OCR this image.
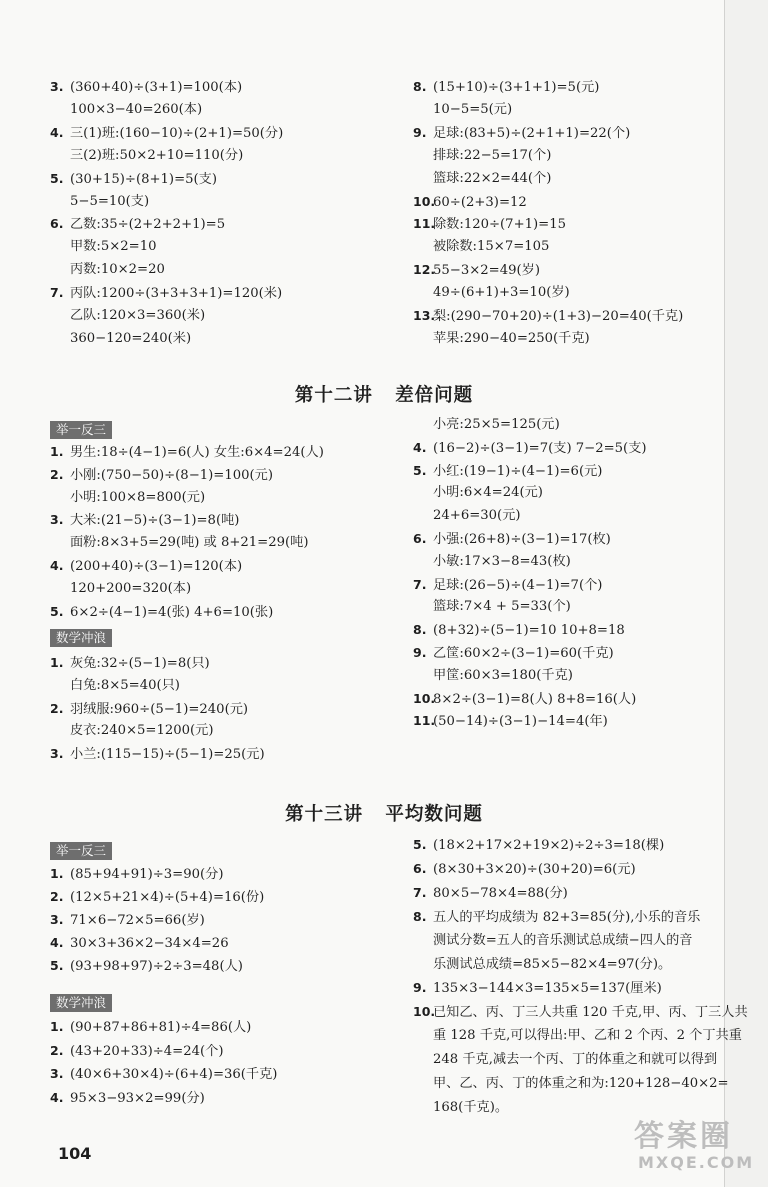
3. (360+40)÷(3+1)=100(本)
100×3−40=260(本)
4. 三(1)班:(160−10)÷(2+1)=50(分)
三(2)班:50×2+10=110(分)
5. (30+15)÷(8+1)=5(支)
5−5=10(支)
6. 乙数:35÷(2+2+2+1)=5
甲数:5×2=10
丙数:10×2=20
7. 丙队:1200÷(3+3+3+1)=120(米)
乙队:120×3=360(米)
360−120=240(米)
8. (15+10)÷(3+1+1)=5(元)
10−5=5(元)
9. 足球:(83+5)÷(2+1+1)=22(个)
排球:22−5=17(个)
篮球:22×2=44(个)
10.60÷(2+3)=12
11.除数:120÷(7+1)=15
被除数:15×7=105
12.55−3×2=49(岁)
49÷(6+1)+3=10(岁)
13.梨:(290−70+20)÷(1+3)−20=40(千克)
苹果:290−40=250(千克)
第十二讲   差倍问题
举一反三
1. 男生:18÷(4−1)=6(人) 女生:6×4=24(人)
2. 小刚:(750−50)÷(8−1)=100(元)
小明:100×8=800(元)
3. 大米:(21−5)÷(3−1)=8(吨)
面粉:8×3+5=29(吨) 或 8+21=29(吨)
4. (200+40)÷(3−1)=120(本)
120+200=320(本)
5. 6×2÷(4−1)=4(张) 4+6=10(张)
数学冲浪
1. 灰兔:32÷(5−1)=8(只)
白兔:8×5=40(只)
2. 羽绒服:960÷(5−1)=240(元)
皮衣:240×5=1200(元)
3. 小兰:(115−15)÷(5−1)=25(元)
小亮:25×5=125(元)
4. (16−2)÷(3−1)=7(支) 7−2=5(支)
5. 小红:(19−1)÷(4−1)=6(元)
小明:6×4=24(元)
24+6=30(元)
6. 小强:(26+8)÷(3−1)=17(枚)
小敏:17×3−8=43(枚)
7. 足球:(26−5)÷(4−1)=7(个)
篮球:7×4 + 5=33(个)
8. (8+32)÷(5−1)=10 10+8=18
9. 乙筐:60×2÷(3−1)=60(千克)
甲筐:60×3=180(千克)
10.8×2÷(3−1)=8(人) 8+8=16(人)
11.(50−14)÷(3−1)−14=4(年)
第十三讲   平均数问题
举一反三
1. (85+94+91)÷3=90(分)
2. (12×5+21×4)÷(5+4)=16(份)
3. 71×6−72×5=66(岁)
4. 30×3+36×2−34×4=26
5. (93+98+97)÷2÷3=48(人)
数学冲浪
1. (90+87+86+81)÷4=86(人)
2. (43+20+33)÷4=24(个)
3. (40×6+30×4)÷(6+4)=36(千克)
4. 95×3−93×2=99(分)
5. (18×2+17×2+19×2)÷2÷3=18(棵)
6. (8×30+3×20)÷(30+20)=6(元)
7. 80×5−78×4=88(分)
8. 五人的平均成绩为 82+3=85(分),小乐的音乐
测试分数=五人的音乐测试总成绩−四人的音
乐测试总成绩=85×5−82×4=97(分)。
9. 135×3−144×3=135×5=137(厘米)
10.已知乙、丙、丁三人共重 120 千克,甲、丙、丁三人共
重 128 千克,可以得出:甲、乙和 2 个丙、2 个丁共重
248 千克,减去一个丙、丁的体重之和就可以得到
甲、乙、丙、丁的体重之和为:120+128−40×2=
168(千克)。
104	答案圈
MXQE.COM
